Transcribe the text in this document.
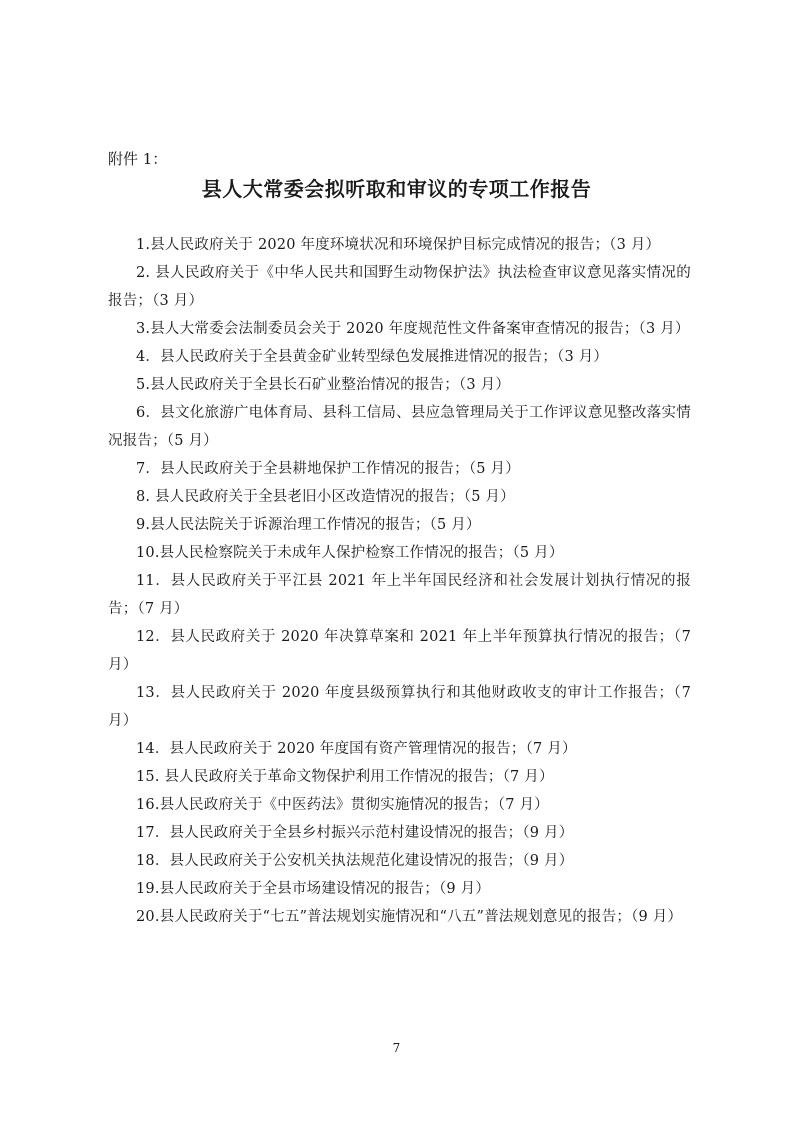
附件 1：
县人大常委会拟听取和审议的专项工作报告
1.县人民政府关于 2020 年度环境状况和环境保护目标完成情况的报告；（3 月）
2. 县人民政府关于《中华人民共和国野生动物保护法》执法检查审议意见落实情况的报告；（3 月）
3.县人大常委会法制委员会关于 2020 年度规范性文件备案审查情况的报告；（3 月）
4．县人民政府关于全县黄金矿业转型绿色发展推进情况的报告；（3 月）
5.县人民政府关于全县长石矿业整治情况的报告；（3 月）
6．县文化旅游广电体育局、县科工信局、县应急管理局关于工作评议意见整改落实情况报告；（5 月）
7．县人民政府关于全县耕地保护工作情况的报告；（5 月）
8. 县人民政府关于全县老旧小区改造情况的报告；（5 月）
9.县人民法院关于诉源治理工作情况的报告；（5 月）
10.县人民检察院关于未成年人保护检察工作情况的报告；（5 月）
11．县人民政府关于平江县 2021 年上半年国民经济和社会发展计划执行情况的报告；（7 月）
12．县人民政府关于 2020 年决算草案和 2021 年上半年预算执行情况的报告；（7 月）
13．县人民政府关于 2020 年度县级预算执行和其他财政收支的审计工作报告；（7 月）
14．县人民政府关于 2020 年度国有资产管理情况的报告；（7 月）
15. 县人民政府关于革命文物保护利用工作情况的报告；（7 月）
16.县人民政府关于《中医药法》贯彻实施情况的报告；（7 月）
17．县人民政府关于全县乡村振兴示范村建设情况的报告；（9 月）
18．县人民政府关于公安机关执法规范化建设情况的报告；（9 月）
19.县人民政府关于全县市场建设情况的报告；（9 月）
20.县人民政府关于“七五”普法规划实施情况和“八五”普法规划意见的报告；（9 月）
7
